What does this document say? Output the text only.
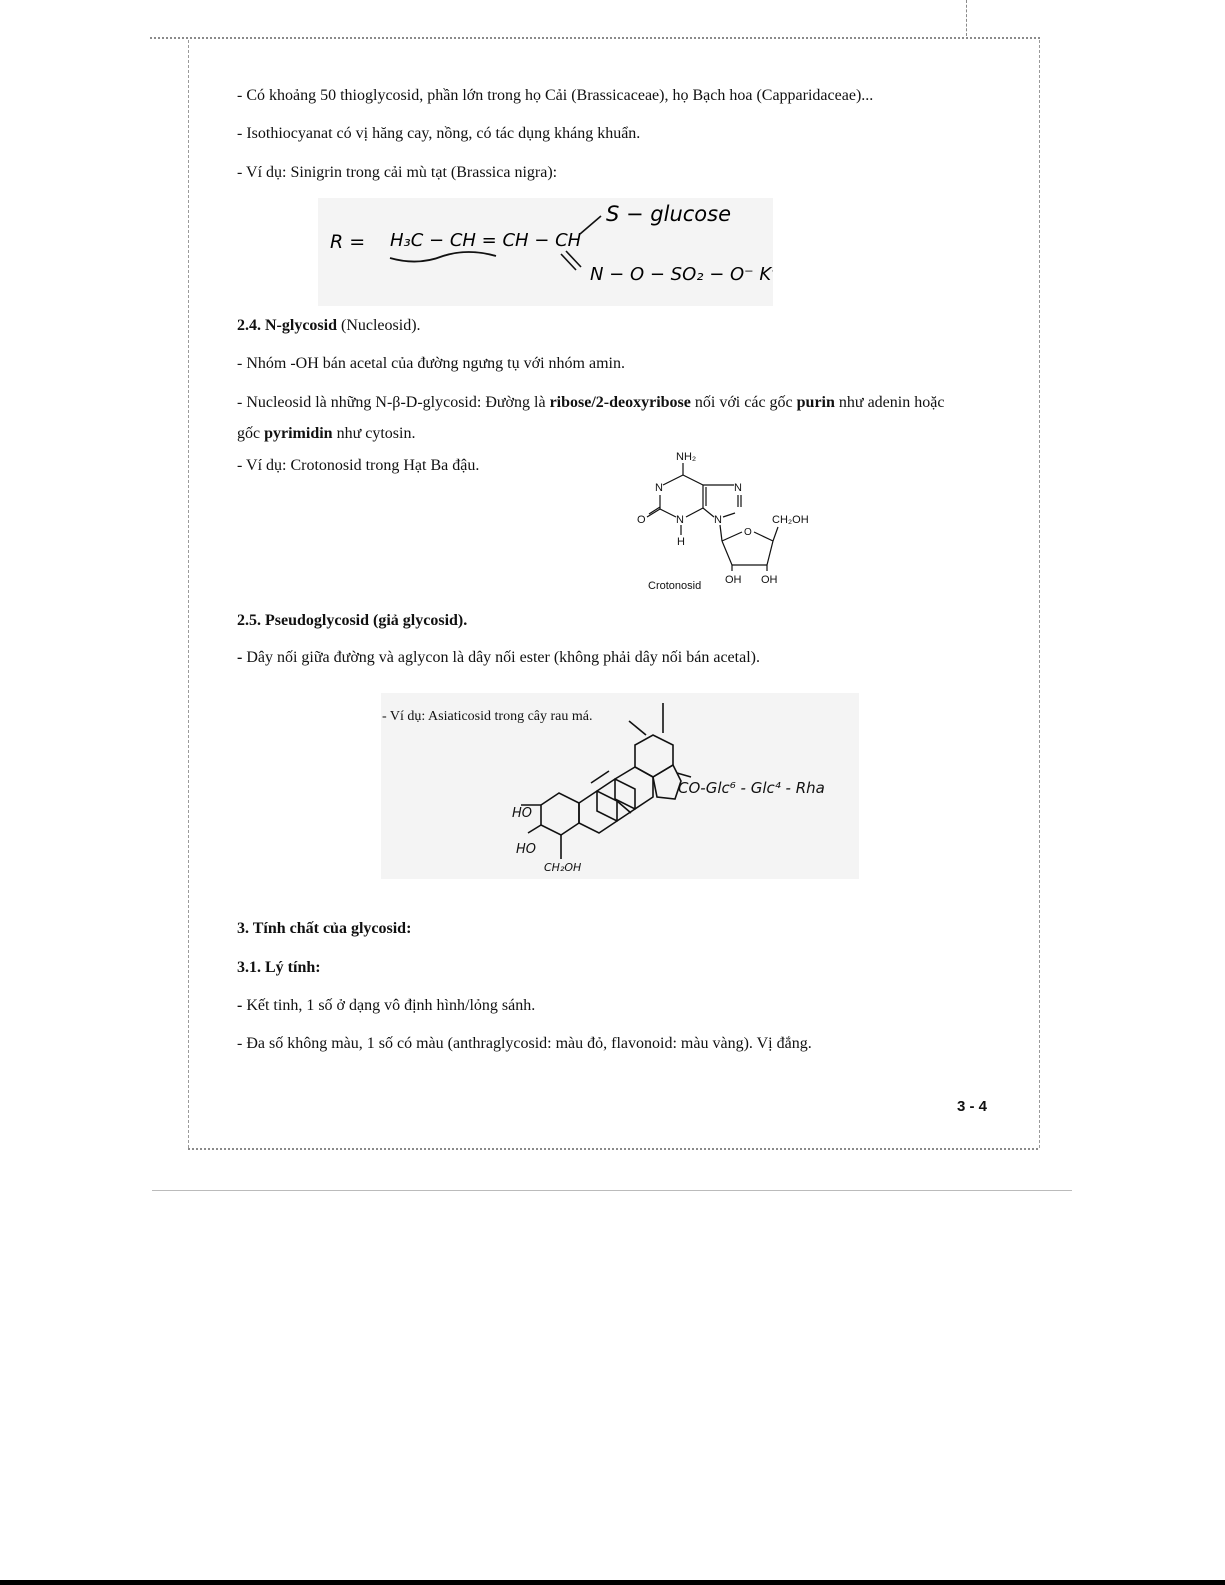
- Có khoảng 50 thioglycosid, phần lớn trong họ Cải (Brassicaceae), họ Bạch hoa (Capparidaceae)...
- Isothiocyanat có vị hăng cay, nồng, có tác dụng kháng khuẩn.
- Ví dụ: Sinigrin trong cải mù tạt (Brassica nigra):
R = H₃C − CH = CH − CH
S − glucose
N − O − SO₂ − O⁻ K⁺
2.4. N-glycosid (Nucleosid).
- Nhóm -OH bán acetal của đường ngưng tụ với nhóm amin.
- Nucleosid là những N-β-D-glycosid: Đường là ribose/2-deoxyribose nối với các gốc purin như adenin hoặc gốc pyrimidin như cytosin.
- Ví dụ: Crotonosid trong Hạt Ba đậu.	NH₂
N	N
N	N
O
H
O
CH₂OH
OH OH
Crotonosid
2.5. Pseudoglycosid (giả glycosid).
- Dây nối giữa đường và aglycon là dây nối ester (không phải dây nối bán acetal).
- Ví dụ: Asiaticosid trong cây rau má.
CO-Glc⁶ - Glc⁴ - Rha
HO
HO
CH₂OH
3. Tính chất của glycosid:
3.1. Lý tính:
- Kết tinh, 1 số ở dạng vô định hình/lỏng sánh.
- Đa số không màu, 1 số có màu (anthraglycosid: màu đỏ, flavonoid: màu vàng). Vị đắng.
3 - 4
